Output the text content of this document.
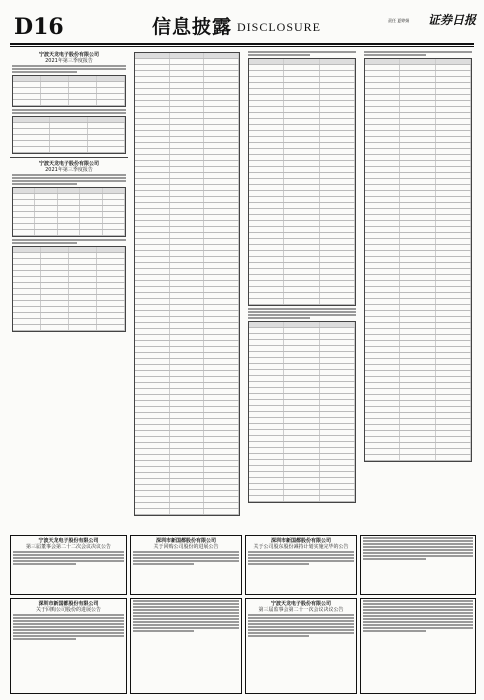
D16	信息披露 DISCLOSURE	责任 夏婷娟 证券日报
宁波天龙电子股份有限公司
2021年第三季度报告
宁波天龙电子股份有限公司
2021年第三季度报告
宁波天龙电子股份有限公司
第三届董事会第二十二次会议决议公告
深圳市新国都股份有限公司
关于回购公司股份的进展公告
深圳市新国都股份有限公司
关于公司股东股份减持计划实施完毕的公告
深圳市新国都股份有限公司
关于回购公司股份的进展公告
宁波天龙电子股份有限公司
第三届监事会第二十一次会议决议公告
